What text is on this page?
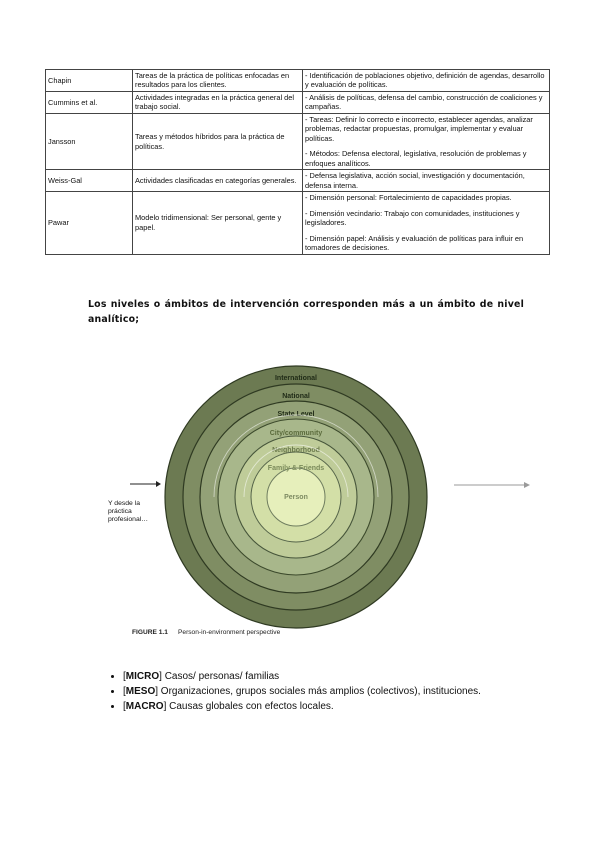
Chapin	Tareas de la práctica de políticas enfocadas en resultados para los clientes.	- Identificación de poblaciones objetivo, definición de agendas, desarrollo y evaluación de políticas.

Cummins et al.	Actividades integradas en la práctica general del trabajo social.	- Análisis de políticas, defensa del cambio, construcción de coaliciones y campañas.

Jansson	Tareas y métodos híbridos para la práctica de políticas.	- Tareas: Definir lo correcto e incorrecto, establecer agendas, analizar problemas, redactar propuestas, promulgar, implementar y evaluar políticas.

- Métodos: Defensa electoral, legislativa, resolución de problemas y enfoques analíticos.

Weiss-Gal	Actividades clasificadas en categorías generales.	- Defensa legislativa, acción social, investigación y documentación, defensa interna.

Pawar	Modelo tridimensional: Ser personal, gente y papel.	- Dimensión personal: Fortalecimiento de capacidades propias.

- Dimensión vecindario: Trabajo con comunidades, instituciones y legisladores.

- Dimensión papel: Análisis y evaluación de políticas para influir en tomadores de decisiones.

Los niveles o ámbitos de intervención corresponden más a un ámbito de nivel analítico;

International
National
State Level
City/community
Neighborhood
Family & Friends
Person
Y desde la
práctica
profesional…
FIGURE 1.1 Person-in-environment perspective
• [MICRO] Casos/ personas/ familias
• [MESO] Organizaciones, grupos sociales más amplios (colectivos), instituciones.
• [MACRO] Causas globales con efectos locales.
